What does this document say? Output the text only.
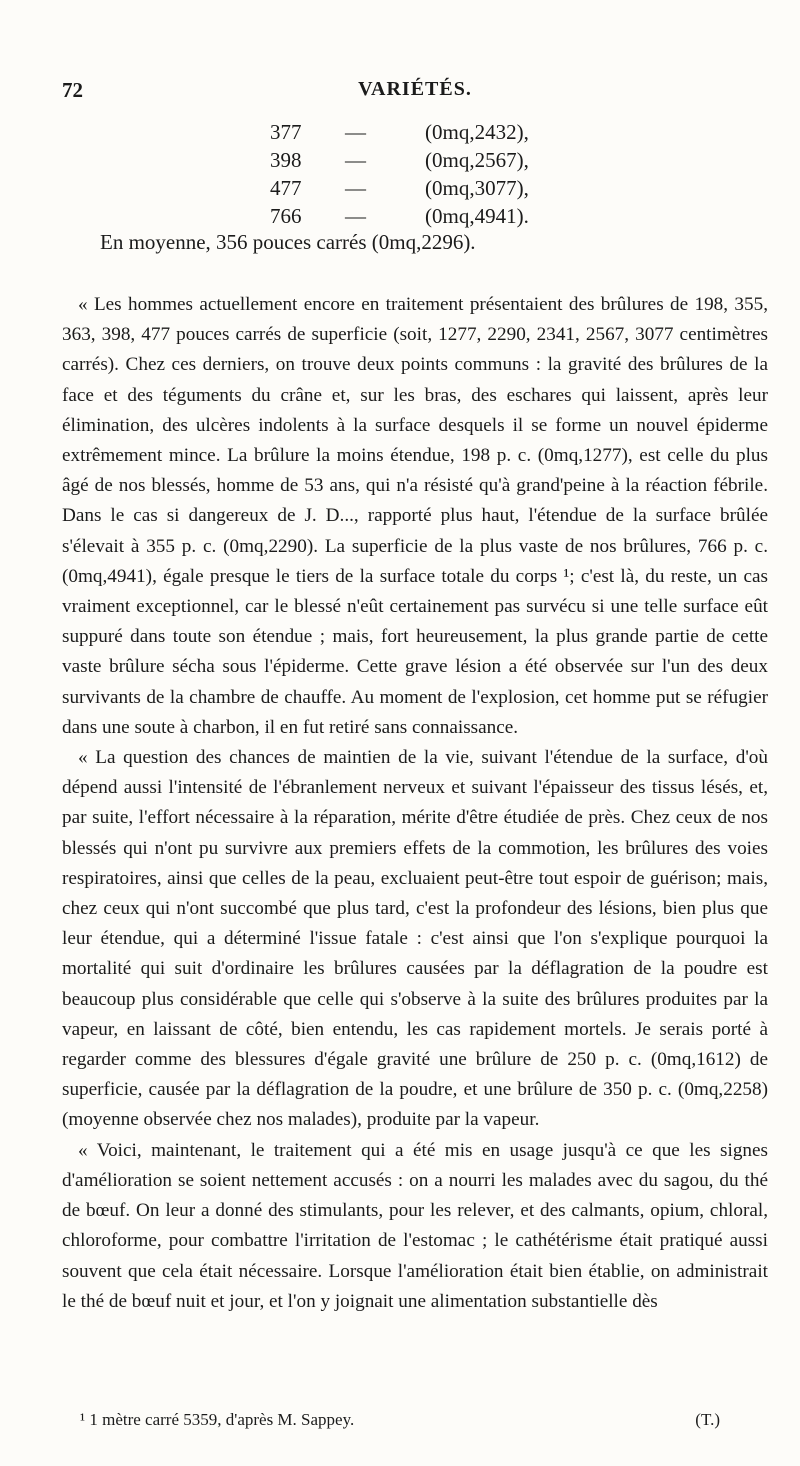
72	VARIÉTÉS.
377	—	(0mq,2432),
398	—	(0mq,2567),
477	—	(0mq,3077),
766	—	(0mq,4941).
En moyenne, 356 pouces carrés (0mq,2296).

« Les hommes actuellement encore en traitement présentaient des brûlures de 198, 355, 363, 398, 477 pouces carrés de superficie (soit, 1277, 2290, 2341, 2567, 3077 centimètres carrés). Chez ces derniers, on trouve deux points communs : la gravité des brûlures de la face et des téguments du crâne et, sur les bras, des eschares qui laissent, après leur élimination, des ulcères indolents à la surface desquels il se forme un nouvel épiderme extrêmement mince. La brûlure la moins étendue, 198 p. c. (0mq,1277), est celle du plus âgé de nos blessés, homme de 53 ans, qui n'a résisté qu'à grand'peine à la réaction fébrile. Dans le cas si dangereux de J. D..., rapporté plus haut, l'étendue de la surface brûlée s'élevait à 355 p. c. (0mq,2290). La superficie de la plus vaste de nos brûlures, 766 p. c. (0mq,4941), égale presque le tiers de la surface totale du corps ¹; c'est là, du reste, un cas vraiment exceptionnel, car le blessé n'eût certainement pas survécu si une telle surface eût suppuré dans toute son étendue ; mais, fort heureusement, la plus grande partie de cette vaste brûlure sécha sous l'épiderme. Cette grave lésion a été observée sur l'un des deux survivants de la chambre de chauffe. Au moment de l'explosion, cet homme put se réfugier dans une soute à charbon, il en fut retiré sans connaissance.

« La question des chances de maintien de la vie, suivant l'étendue de la surface, d'où dépend aussi l'intensité de l'ébranlement nerveux et suivant l'épaisseur des tissus lésés, et, par suite, l'effort nécessaire à la réparation, mérite d'être étudiée de près. Chez ceux de nos blessés qui n'ont pu survivre aux premiers effets de la commotion, les brûlures des voies respiratoires, ainsi que celles de la peau, excluaient peut-être tout espoir de guérison; mais, chez ceux qui n'ont succombé que plus tard, c'est la profondeur des lésions, bien plus que leur étendue, qui a déterminé l'issue fatale : c'est ainsi que l'on s'explique pourquoi la mortalité qui suit d'ordinaire les brûlures causées par la déflagration de la poudre est beaucoup plus considérable que celle qui s'observe à la suite des brûlures produites par la vapeur, en laissant de côté, bien entendu, les cas rapidement mortels. Je serais porté à regarder comme des blessures d'égale gravité une brûlure de 250 p. c. (0mq,1612) de superficie, causée par la déflagration de la poudre, et une brûlure de 350 p. c. (0mq,2258) (moyenne observée chez nos malades), produite par la vapeur.

« Voici, maintenant, le traitement qui a été mis en usage jusqu'à ce que les signes d'amélioration se soient nettement accusés : on a nourri les malades avec du sagou, du thé de bœuf. On leur a donné des stimulants, pour les relever, et des calmants, opium, chloral, chloroforme, pour combattre l'irritation de l'estomac ; le cathétérisme était pratiqué aussi souvent que cela était nécessaire. Lorsque l'amélioration était bien établie, on administrait le thé de bœuf nuit et jour, et l'on y joignait une alimentation substantielle dès

¹ 1 mètre carré 5359, d'après M. Sappey.	(T.)
